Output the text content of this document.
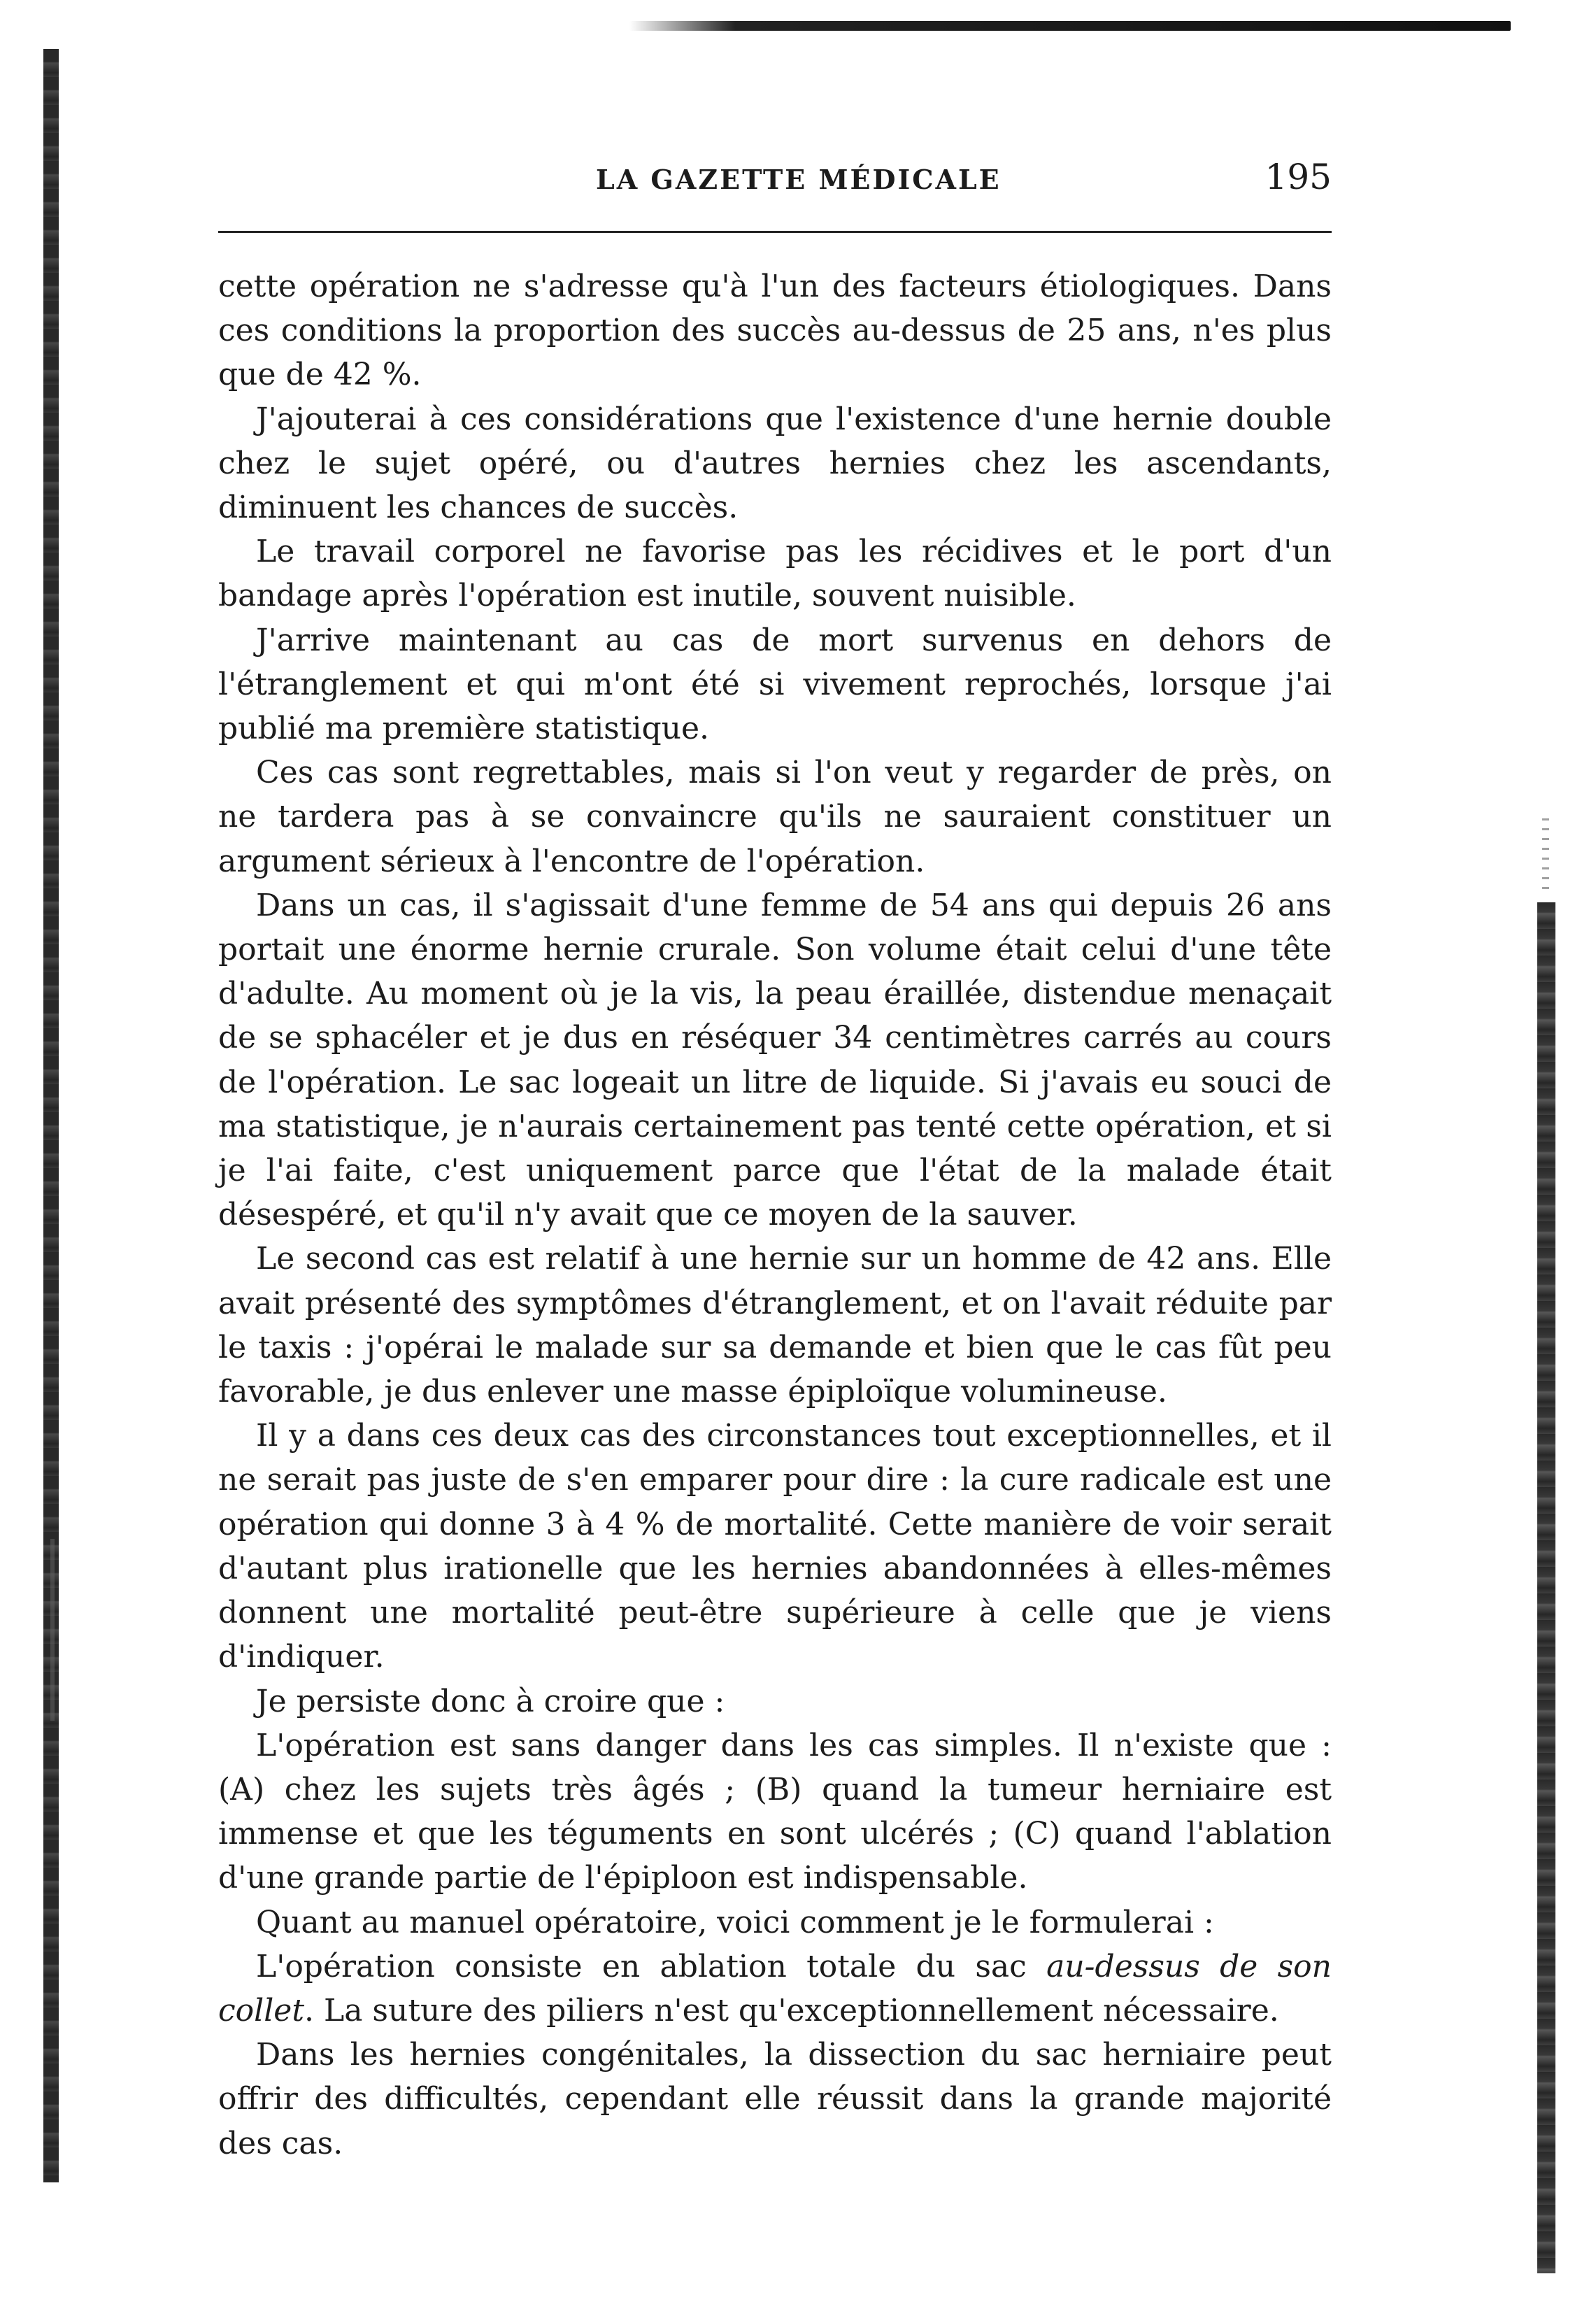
LA GAZETTE MÉDICALE	195

cette opération ne s'adresse qu'à l'un des facteurs étiologiques. Dans ces conditions la proportion des succès au-dessus de 25 ans, n'es plus que de 42 %.

J'ajouterai à ces considérations que l'existence d'une hernie double chez le sujet opéré, ou d'autres hernies chez les ascendants, diminuent les chances de succès.

Le travail corporel ne favorise pas les récidives et le port d'un bandage après l'opération est inutile, souvent nuisible.

J'arrive maintenant au cas de mort survenus en dehors de l'étranglement et qui m'ont été si vivement reprochés, lorsque j'ai publié ma première statistique.

Ces cas sont regrettables, mais si l'on veut y regarder de près, on ne tardera pas à se convaincre qu'ils ne sauraient constituer un argument sérieux à l'encontre de l'opération.

Dans un cas, il s'agissait d'une femme de 54 ans qui depuis 26 ans portait une énorme hernie crurale. Son volume était celui d'une tête d'adulte. Au moment où je la vis, la peau éraillée, distendue menaçait de se sphacéler et je dus en réséquer 34 centimètres carrés au cours de l'opération. Le sac logeait un litre de liquide. Si j'avais eu souci de ma statistique, je n'aurais certainement pas tenté cette opération, et si je l'ai faite, c'est uniquement parce que l'état de la malade était désespéré, et qu'il n'y avait que ce moyen de la sauver.

Le second cas est relatif à une hernie sur un homme de 42 ans. Elle avait présenté des symptômes d'étranglement, et on l'avait réduite par le taxis : j'opérai le malade sur sa demande et bien que le cas fût peu favorable, je dus enlever une masse épiploïque volumineuse.

Il y a dans ces deux cas des circonstances tout exceptionnelles, et il ne serait pas juste de s'en emparer pour dire : la cure radicale est une opération qui donne 3 à 4 % de mortalité. Cette manière de voir serait d'autant plus irationelle que les hernies abandonnées à elles-mêmes donnent une mortalité peut-être supérieure à celle que je viens d'indiquer.

Je persiste donc à croire que :

L'opération est sans danger dans les cas simples. Il n'existe que : (A) chez les sujets très âgés ; (B) quand la tumeur herniaire est immense et que les téguments en sont ulcérés ; (C) quand l'ablation d'une grande partie de l'épiploon est indispensable.

Quant au manuel opératoire, voici comment je le formulerai :

L'opération consiste en ablation totale du sac au-dessus de son collet. La suture des piliers n'est qu'exceptionnellement nécessaire.

Dans les hernies congénitales, la dissection du sac herniaire peut offrir des difficultés, cependant elle réussit dans la grande majorité des cas.
